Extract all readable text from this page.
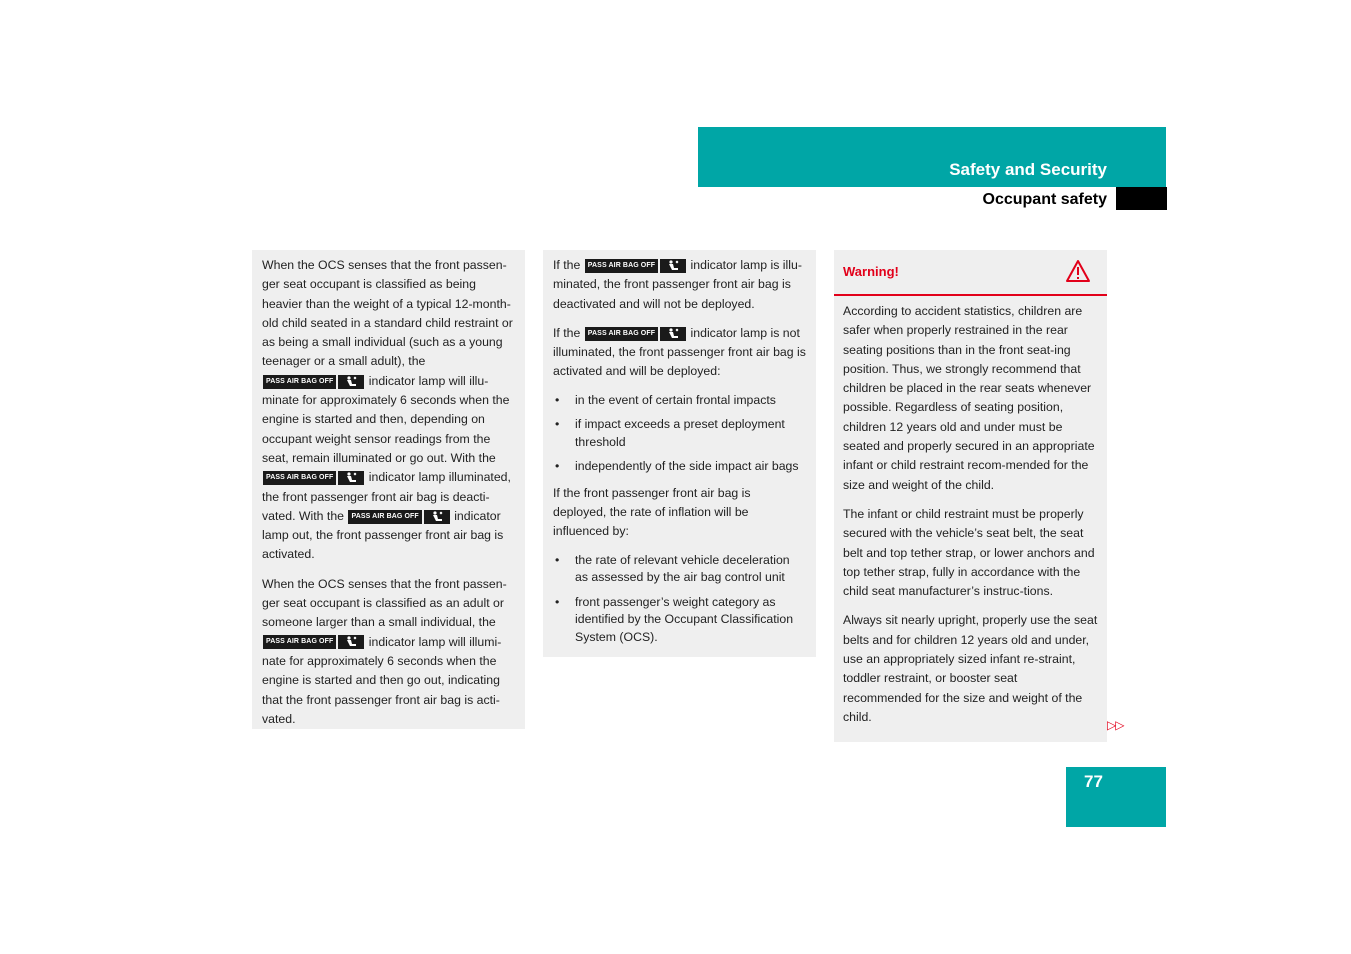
Safety and Security
Occupant safety

When the OCS senses that the front passen-ger seat occupant is classified as being heavier than the weight of a typical 12-month-old child seated in a standard child restraint or as being a small individual (such as a young teenager or a small adult), the PASS AIR BAG OFF	indicator lamp will illu-minate for approximately 6 seconds when the engine is started and then, depending on occupant weight sensor readings from the seat, remain illuminated or go out. With the PASS AIR BAG OFF	indicator lamp illuminated, the front passenger front air bag is deacti-vated. With the PASS AIR BAG OFF	indicator lamp out, the front passenger front air bag is activated.

When the OCS senses that the front passen-ger seat occupant is classified as an adult or someone larger than a small individual, the PASS AIR BAG OFF	indicator lamp will illumi-nate for approximately 6 seconds when the engine is started and then go out, indicating that the front passenger front air bag is acti-vated.

If the PASS AIR BAG OFF	indicator lamp is illu-minated, the front passenger front air bag is deactivated and will not be deployed.

If the PASS AIR BAG OFF	indicator lamp is not illuminated, the front passenger front air bag is activated and will be deployed:

• in the event of certain frontal impacts
• if impact exceeds a preset deployment threshold
• independently of the side impact air bags

If the front passenger front air bag is deployed, the rate of inflation will be influenced by:

• the rate of relevant vehicle deceleration as assessed by the air bag control unit
• front passenger’s weight category as identified by the Occupant Classification System (OCS).
Warning!

According to accident statistics, children are safer when properly restrained in the rear seating positions than in the front seat-ing position. Thus, we strongly recommend that children be placed in the rear seats whenever possible. Regardless of seating position, children 12 years old and under must be seated and properly secured in an appropriate infant or child restraint recom-mended for the size and weight of the child.

The infant or child restraint must be properly secured with the vehicle’s seat belt, the seat belt and top tether strap, or lower anchors and top tether strap, fully in accordance with the child seat manufacturer’s instruc-tions.

Always sit nearly upright, properly use the seat belts and for children 12 years old and under, use an appropriately sized infant re-straint, toddler restraint, or booster seat recommended for the size and weight of the child.

▷▷
77
